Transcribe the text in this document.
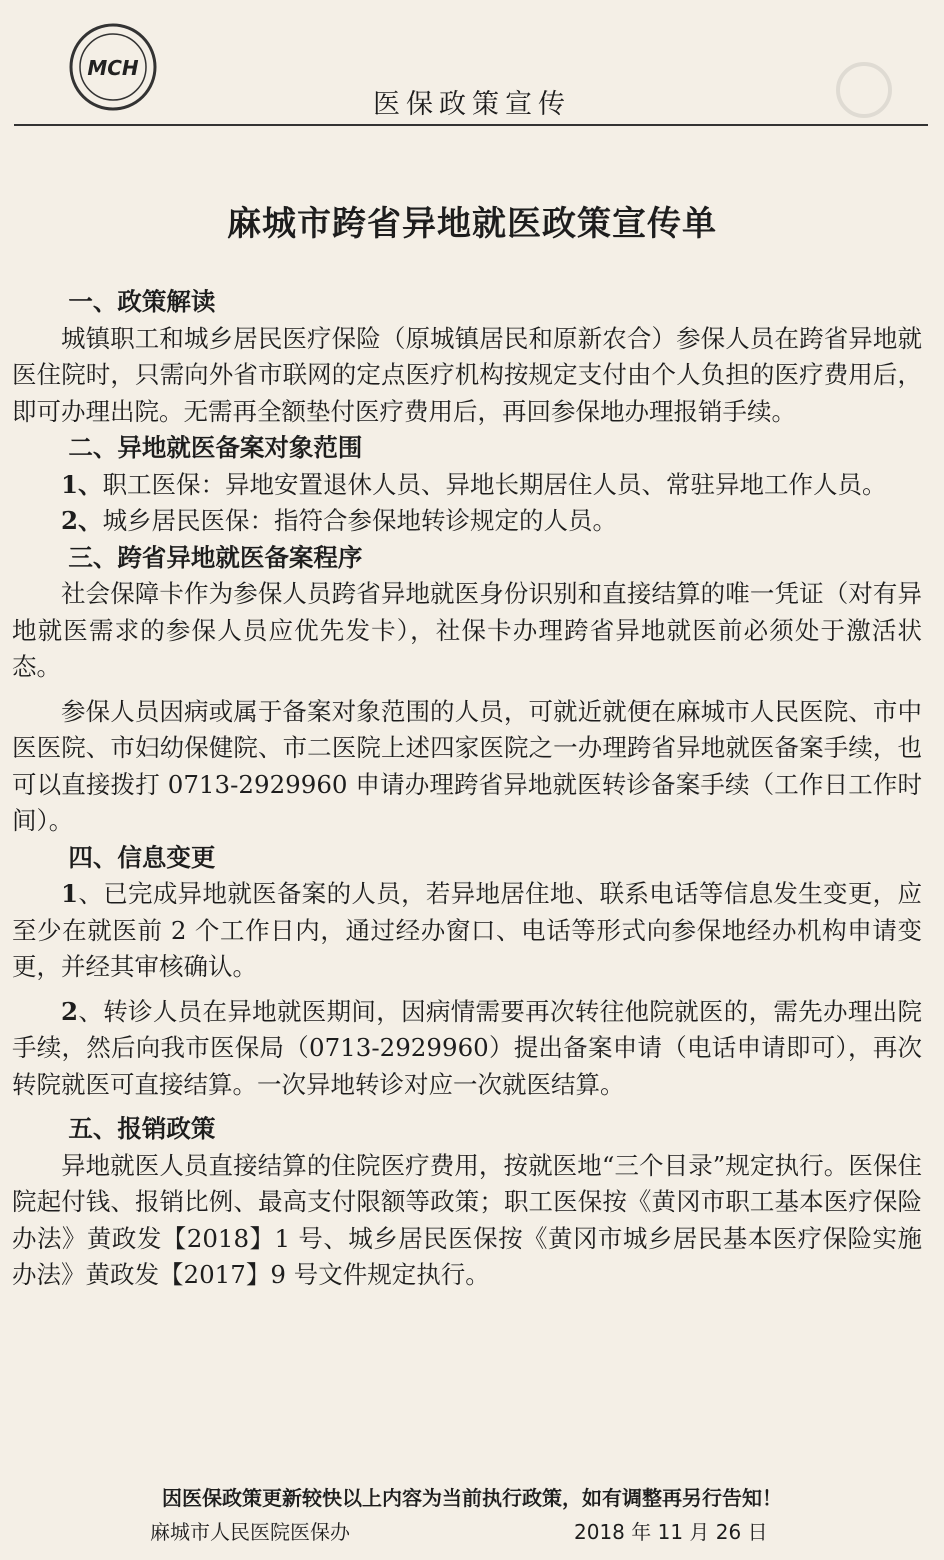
MCH
医保政策宣传
麻城市跨省异地就医政策宣传单
一、政策解读

城镇职工和城乡居民医疗保险（原城镇居民和原新农合）参保人员在跨省异地就医住院时，只需向外省市联网的定点医疗机构按规定支付由个人负担的医疗费用后，即可办理出院。无需再全额垫付医疗费用后，再回参保地办理报销手续。

二、异地就医备案对象范围

1、职工医保：异地安置退休人员、异地长期居住人员、常驻异地工作人员。

2、城乡居民医保：指符合参保地转诊规定的人员。

三、跨省异地就医备案程序

社会保障卡作为参保人员跨省异地就医身份识别和直接结算的唯一凭证（对有异地就医需求的参保人员应优先发卡），社保卡办理跨省异地就医前必须处于激活状态。

参保人员因病或属于备案对象范围的人员，可就近就便在麻城市人民医院、市中医医院、市妇幼保健院、市二医院上述四家医院之一办理跨省异地就医备案手续，也可以直接拨打 0713-2929960 申请办理跨省异地就医转诊备案手续（工作日工作时间）。

四、信息变更

1、已完成异地就医备案的人员，若异地居住地、联系电话等信息发生变更，应至少在就医前 2 个工作日内，通过经办窗口、电话等形式向参保地经办机构申请变更，并经其审核确认。

2、转诊人员在异地就医期间，因病情需要再次转往他院就医的，需先办理出院手续，然后向我市医保局（0713-2929960）提出备案申请（电话申请即可），再次转院就医可直接结算。一次异地转诊对应一次就医结算。

五、报销政策

异地就医人员直接结算的住院医疗费用，按就医地“三个目录”规定执行。医保住院起付钱、报销比例、最高支付限额等政策；职工医保按《黄冈市职工基本医疗保险办法》黄政发【2018】1 号、城乡居民医保按《黄冈市城乡居民基本医疗保险实施办法》黄政发【2017】9 号文件规定执行。

因医保政策更新较快以上内容为当前执行政策，如有调整再另行告知！
麻城市人民医院医保办	2018 年 11 月 26 日
